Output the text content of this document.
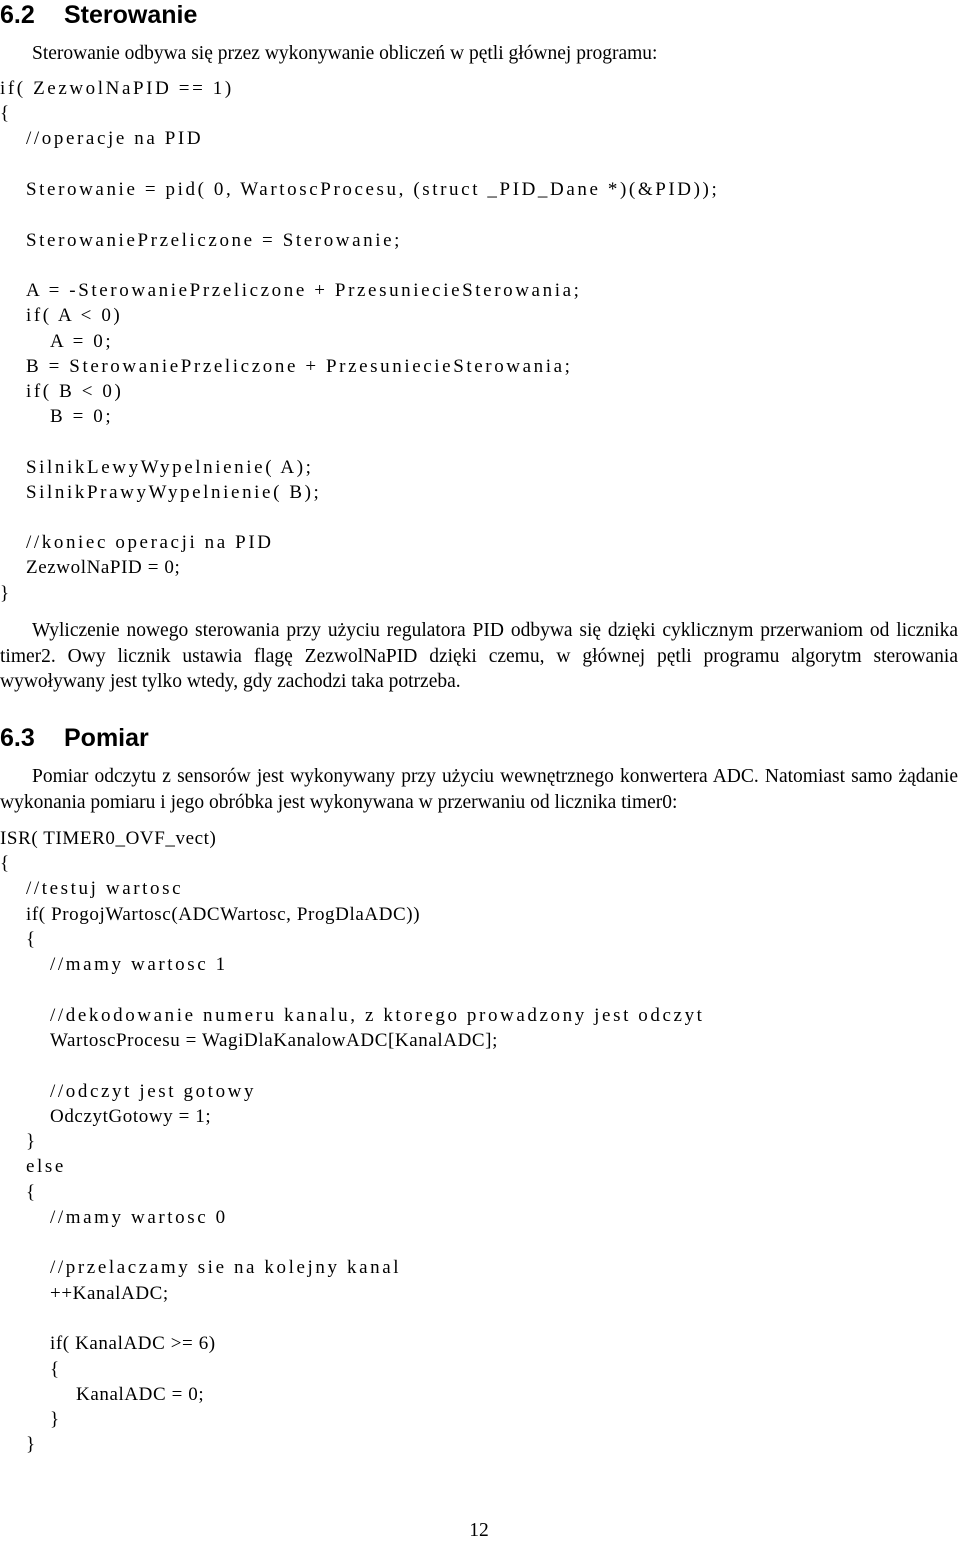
6.2 Sterowanie
Sterowanie odbywa się przez wykonywanie obliczeń w pętli głównej programu:
if( ZezwolNaPID == 1)
{
//operacje na PID
Sterowanie = pid( 0, WartoscProcesu, (struct _PID_Dane *)(&PID));
SterowaniePrzeliczone = Sterowanie;
A = -SterowaniePrzeliczone + PrzesuniecieSterowania;
if( A < 0)
A = 0;
B = SterowaniePrzeliczone + PrzesuniecieSterowania;
if( B < 0)
B = 0;
SilnikLewyWypelnienie( A);
SilnikPrawyWypelnienie( B);
//koniec operacji na PID
ZezwolNaPID = 0;
}
Wyliczenie nowego sterowania przy użyciu regulatora PID odbywa się dzięki cyklicznym przerwaniom od licznika timer2. Owy licznik ustawia flagę ZezwolNaPID dzięki czemu, w głównej pętli programu algorytm sterowania wywoływany jest tylko wtedy, gdy zachodzi taka potrzeba.
6.3 Pomiar
Pomiar odczytu z sensorów jest wykonywany przy użyciu wewnętrznego konwertera ADC. Natomiast samo żądanie wykonania pomiaru i jego obróbka jest wykonywana w przerwaniu od licznika timer0:
ISR( TIMER0_OVF_vect)
{
//testuj wartosc
if( ProgojWartosc(ADCWartosc, ProgDlaADC))
{
//mamy wartosc 1
//dekodowanie numeru kanalu, z ktorego prowadzony jest odczyt
WartoscProcesu = WagiDlaKanalowADC[KanalADC];
//odczyt jest gotowy
OdczytGotowy = 1;
}
else
{
//mamy wartosc 0
//przelaczamy sie na kolejny kanal
++KanalADC;
if( KanalADC >= 6)
{
KanalADC = 0;
}
}
12
